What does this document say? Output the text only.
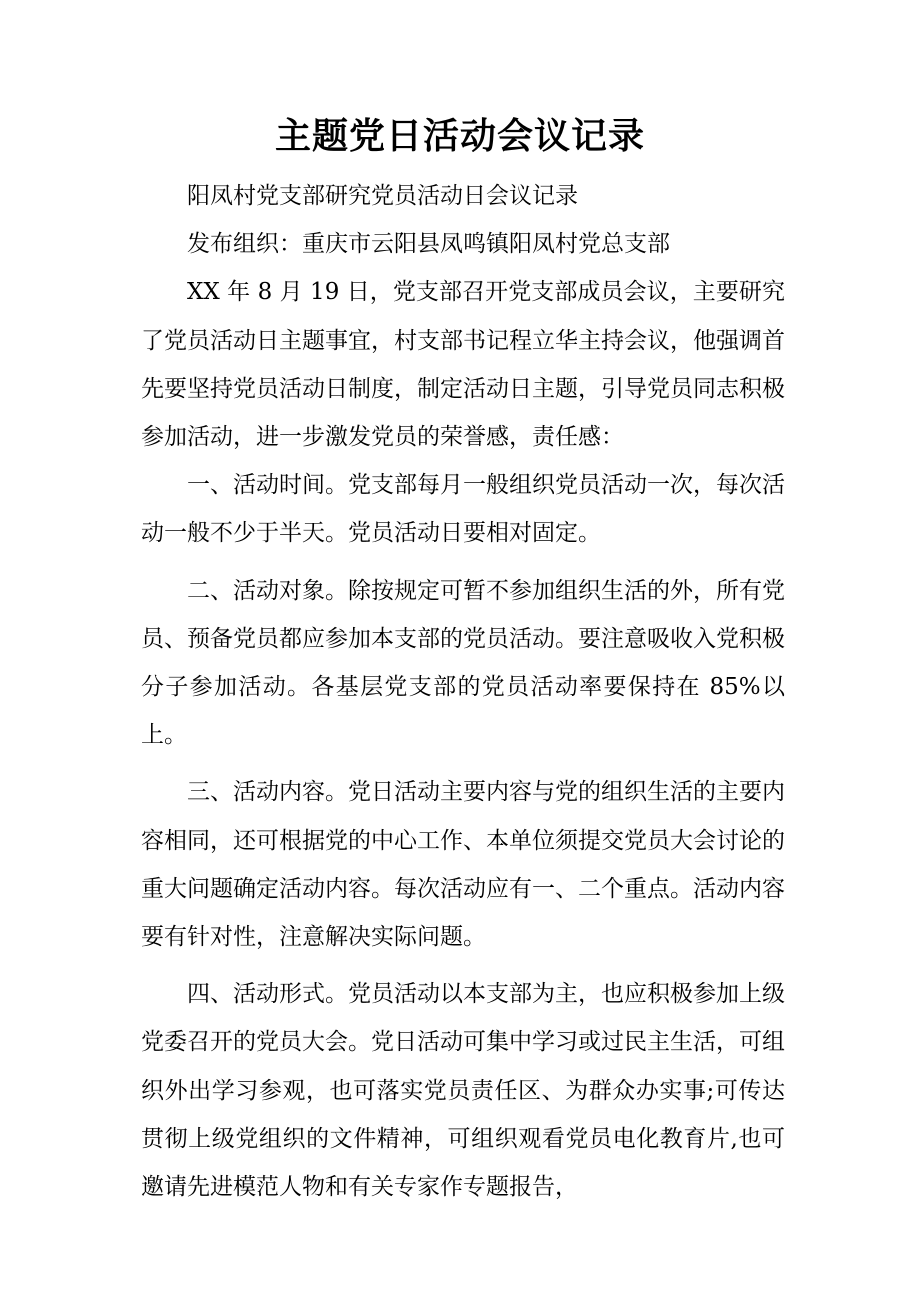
主题党日活动会议记录

阳凤村党支部研究党员活动日会议记录

发布组织：重庆市云阳县凤鸣镇阳凤村党总支部

XX 年 8 月 19 日，党支部召开党支部成员会议，主要研究了党员活动日主题事宜，村支部书记程立华主持会议，他强调首先要坚持党员活动日制度，制定活动日主题，引导党员同志积极参加活动，进一步激发党员的荣誉感，责任感：

一、活动时间。党支部每月一般组织党员活动一次，每次活动一般不少于半天。党员活动日要相对固定。

二、活动对象。除按规定可暂不参加组织生活的外，所有党员、预备党员都应参加本支部的党员活动。要注意吸收入党积极分子参加活动。各基层党支部的党员活动率要保持在 85%以上。

三、活动内容。党日活动主要内容与党的组织生活的主要内容相同，还可根据党的中心工作、本单位须提交党员大会讨论的重大问题确定活动内容。每次活动应有一、二个重点。活动内容要有针对性，注意解决实际问题。

四、活动形式。党员活动以本支部为主，也应积极参加上级党委召开的党员大会。党日活动可集中学习或过民主生活，可组织外出学习参观，也可落实党员责任区、为群众办实事;可传达贯彻上级党组织的文件精神，可组织观看党员电化教育片,也可邀请先进模范人物和有关专家作专题报告，
